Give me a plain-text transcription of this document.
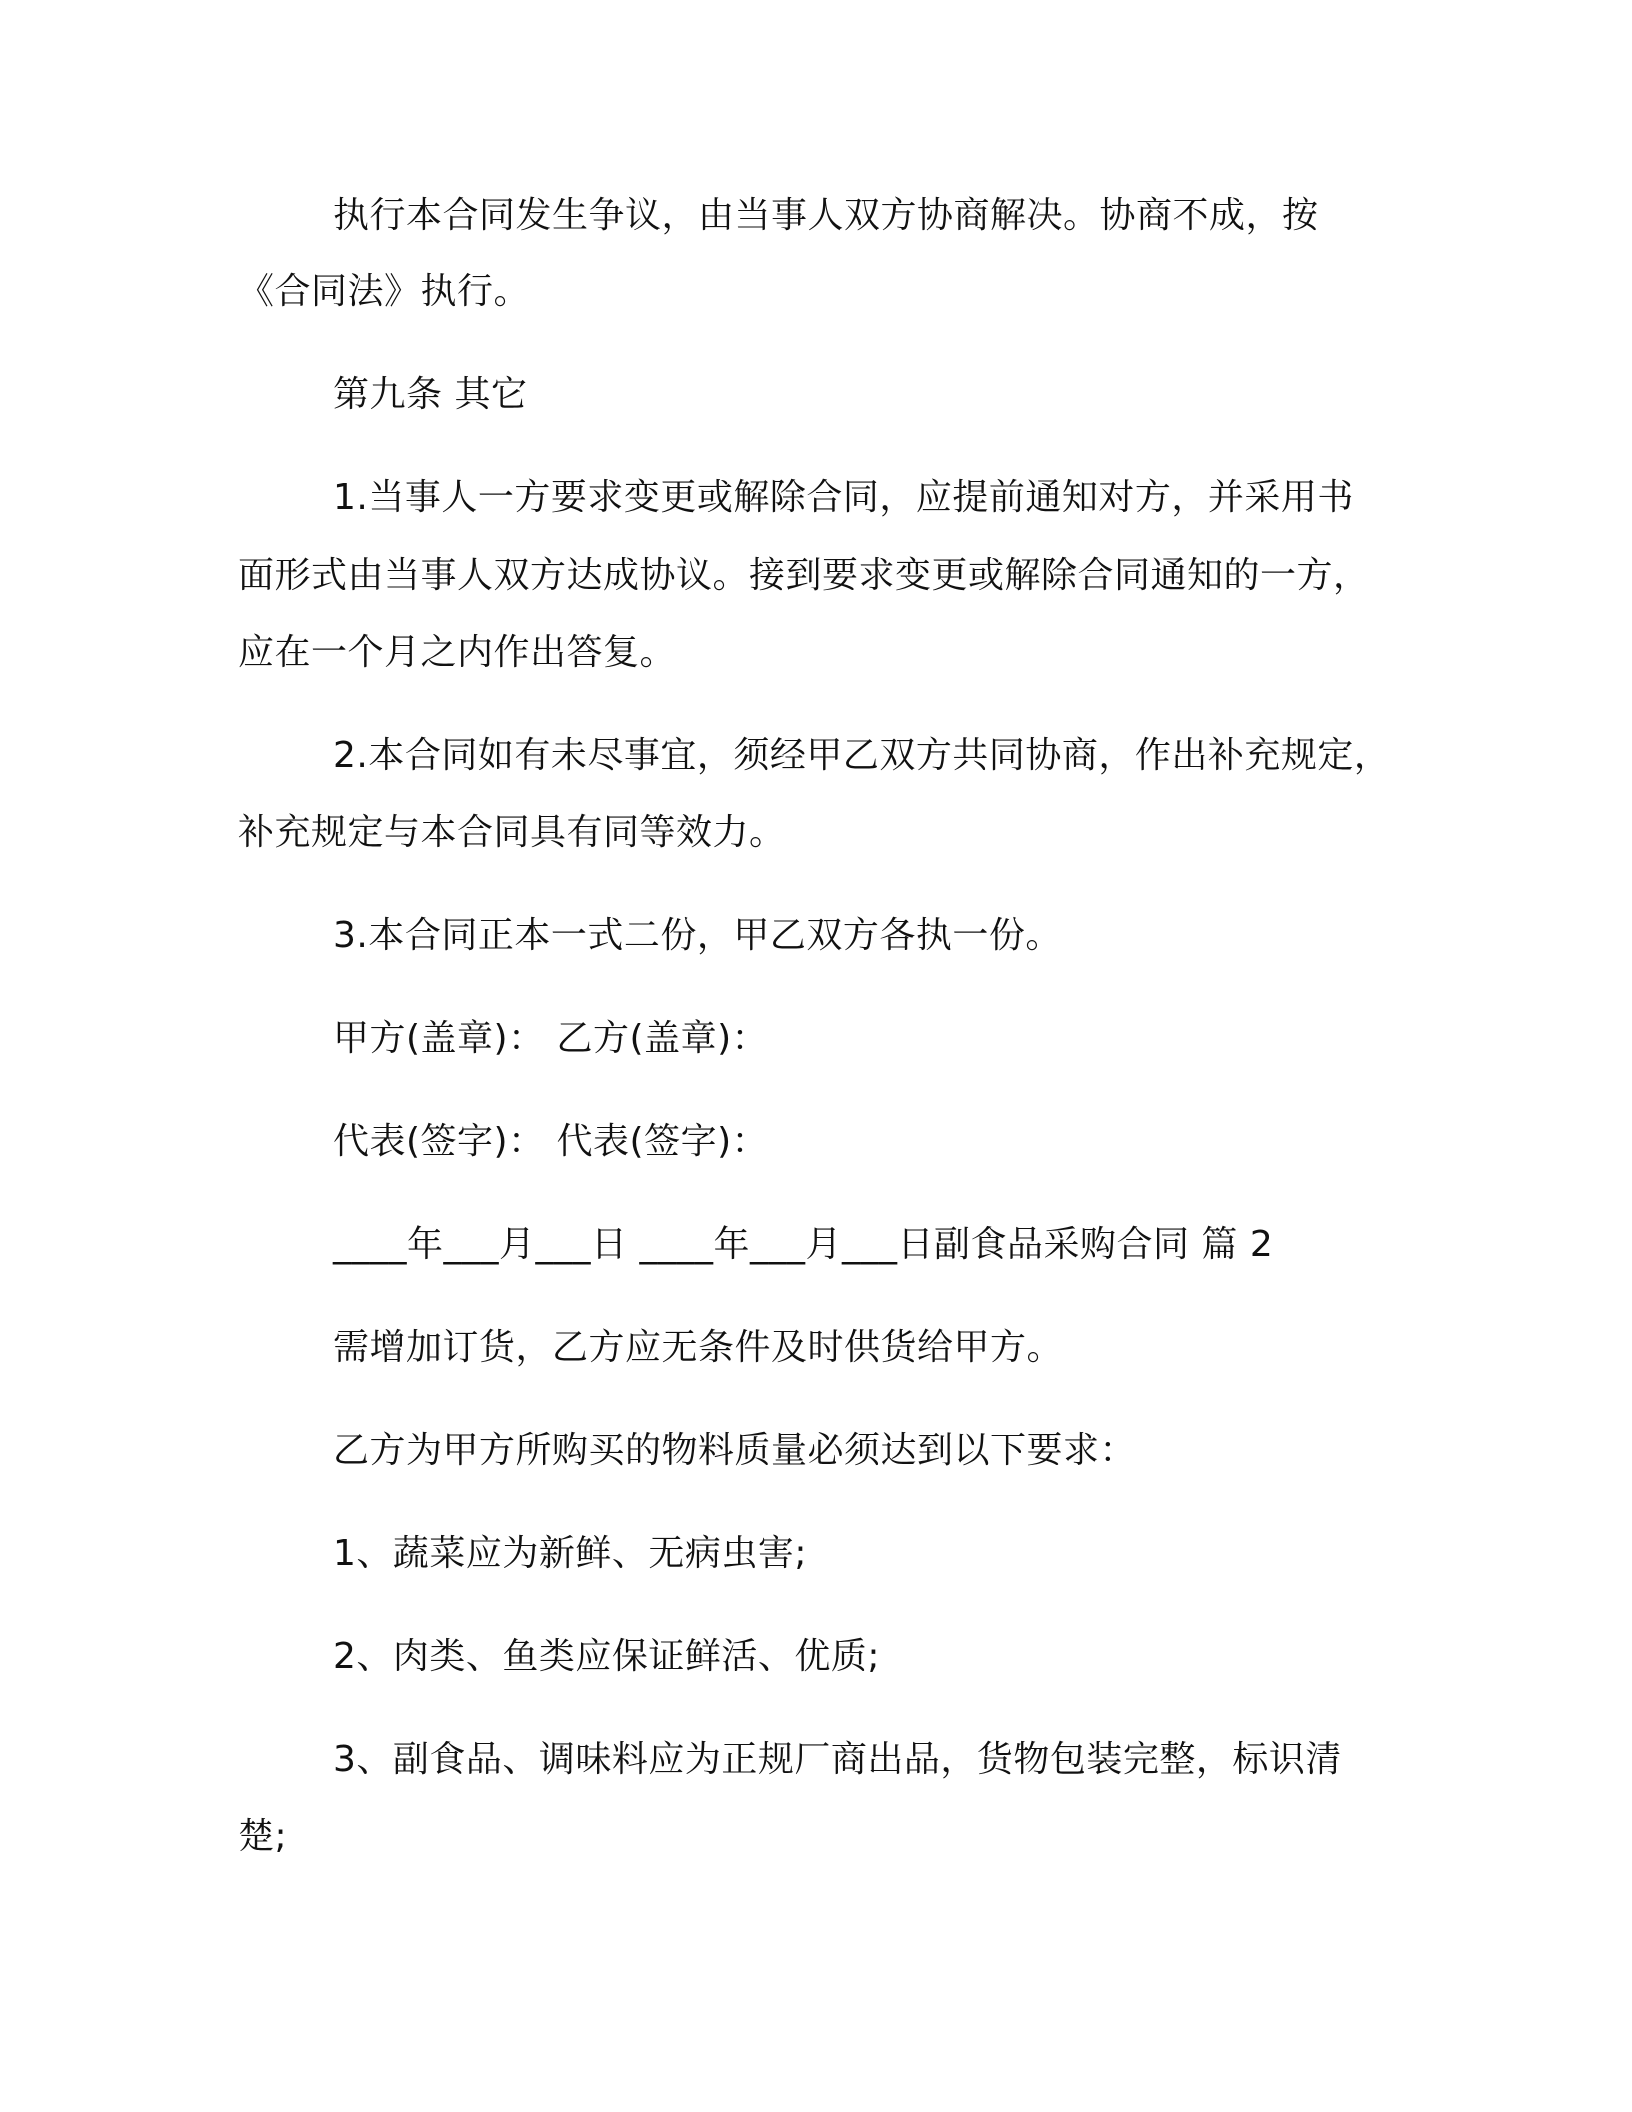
执行本合同发生争议，由当事人双方协商解决。协商不成，按
《合同法》执行。
第九条 其它
1.当事人一方要求变更或解除合同，应提前通知对方，并采用书
面形式由当事人双方达成协议。接到要求变更或解除合同通知的一方，
应在一个月之内作出答复。
2.本合同如有未尽事宜，须经甲乙双方共同协商，作出补充规定，
补充规定与本合同具有同等效力。
3.本合同正本一式二份，甲乙双方各执一份。
甲方(盖章)： 乙方(盖章)：
代表(签字)： 代表(签字)：
____年___月___日 ____年___月___日副食品采购合同 篇 2
需增加订货，乙方应无条件及时供货给甲方。
乙方为甲方所购买的物料质量必须达到以下要求：
1、蔬菜应为新鲜、无病虫害;
2、肉类、鱼类应保证鲜活、优质;
3、副食品、调味料应为正规厂商出品，货物包装完整，标识清
楚;
